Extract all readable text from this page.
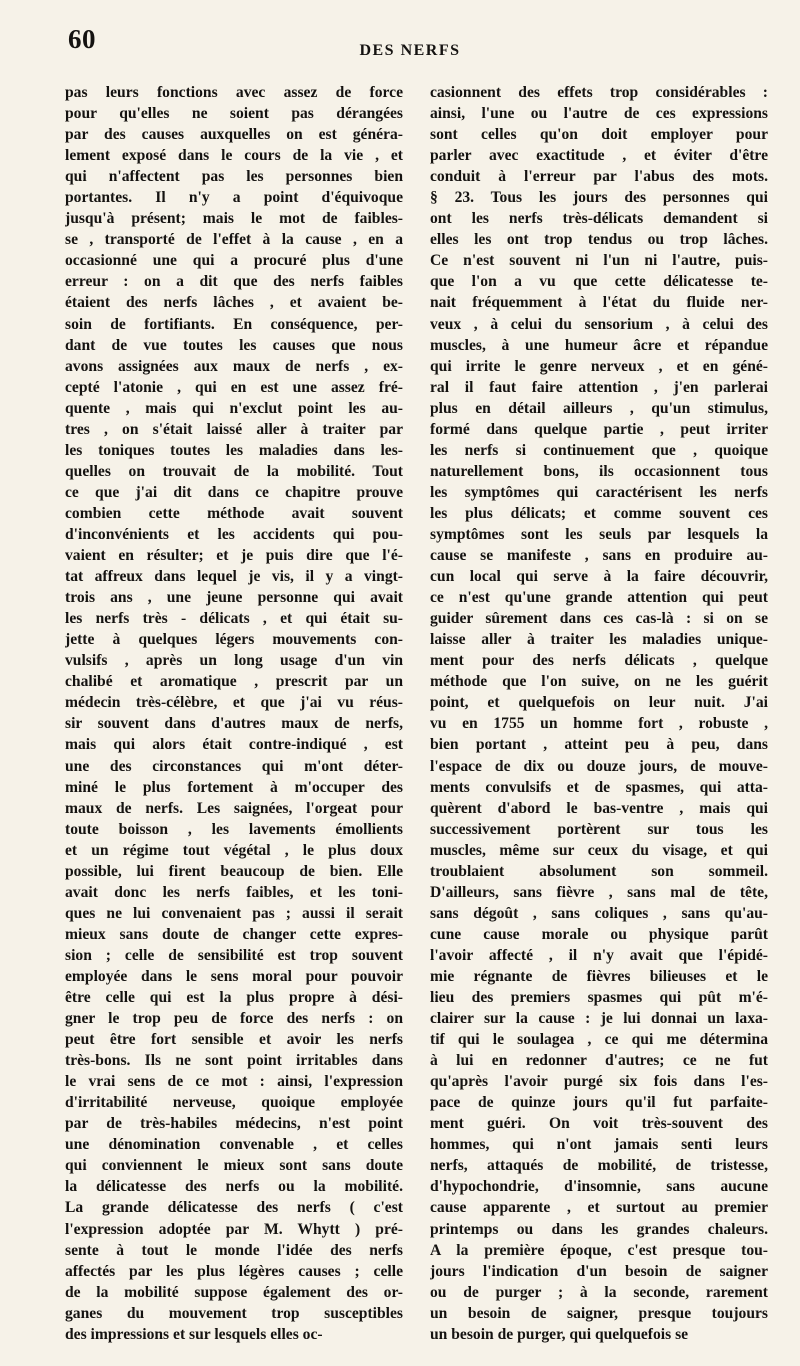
60	DES NERFS
pas leurs fonctions avec assez de force
pour qu'elles ne soient pas dérangées
par des causes auxquelles on est généra-
lement exposé dans le cours de la vie , et
qui n'affectent pas les personnes bien
portantes. Il n'y a point d'équivoque
jusqu'à présent; mais le mot de faibles-
se , transporté de l'effet à la cause , en a
occasionné une qui a procuré plus d'une
erreur : on a dit que des nerfs faibles
étaient des nerfs lâches , et avaient be-
soin de fortifiants. En conséquence, per-
dant de vue toutes les causes que nous
avons assignées aux maux de nerfs , ex-
cepté l'atonie , qui en est une assez fré-
quente , mais qui n'exclut point les au-
tres , on s'était laissé aller à traiter par
les toniques toutes les maladies dans les-
quelles on trouvait de la mobilité. Tout
ce que j'ai dit dans ce chapitre prouve
combien cette méthode avait souvent
d'inconvénients et les accidents qui pou-
vaient en résulter; et je puis dire que l'é-
tat affreux dans lequel je vis, il y a vingt-
trois ans , une jeune personne qui avait
les nerfs très - délicats , et qui était su-
jette à quelques légers mouvements con-
vulsifs , après un long usage d'un vin
chalibé et aromatique , prescrit par un
médecin très-célèbre, et que j'ai vu réus-
sir souvent dans d'autres maux de nerfs,
mais qui alors était contre-indiqué , est
une des circonstances qui m'ont déter-
miné le plus fortement à m'occuper des
maux de nerfs. Les saignées, l'orgeat pour
toute boisson , les lavements émollients
et un régime tout végétal , le plus doux
possible, lui firent beaucoup de bien. Elle
avait donc les nerfs faibles, et les toni-
ques ne lui convenaient pas ; aussi il serait
mieux sans doute de changer cette expres-
sion ; celle de sensibilité est trop souvent
employée dans le sens moral pour pouvoir
être celle qui est la plus propre à dési-
gner le trop peu de force des nerfs : on
peut être fort sensible et avoir les nerfs
très-bons. Ils ne sont point irritables dans
le vrai sens de ce mot : ainsi, l'expression
d'irritabilité nerveuse, quoique employée
par de très-habiles médecins, n'est point
une dénomination convenable , et celles
qui conviennent le mieux sont sans doute
la délicatesse des nerfs ou la mobilité.
La grande délicatesse des nerfs ( c'est
l'expression adoptée par M. Whytt ) pré-
sente à tout le monde l'idée des nerfs
affectés par les plus légères causes ; celle
de la mobilité suppose également des or-
ganes du mouvement trop susceptibles
des impressions et sur lesquels elles oc-
casionnent des effets trop considérables :
ainsi, l'une ou l'autre de ces expressions
sont celles qu'on doit employer pour
parler avec exactitude , et éviter d'être
conduit à l'erreur par l'abus des mots.
§ 23. Tous les jours des personnes qui
ont les nerfs très-délicats demandent si
elles les ont trop tendus ou trop lâches.
Ce n'est souvent ni l'un ni l'autre, puis-
que l'on a vu que cette délicatesse te-
nait fréquemment à l'état du fluide ner-
veux , à celui du sensorium , à celui des
muscles, à une humeur âcre et répandue
qui irrite le genre nerveux , et en géné-
ral il faut faire attention , j'en parlerai
plus en détail ailleurs , qu'un stimulus,
formé dans quelque partie , peut irriter
les nerfs si continuement que , quoique
naturellement bons, ils occasionnent tous
les symptômes qui caractérisent les nerfs
les plus délicats; et comme souvent ces
symptômes sont les seuls par lesquels la
cause se manifeste , sans en produire au-
cun local qui serve à la faire découvrir,
ce n'est qu'une grande attention qui peut
guider sûrement dans ces cas-là : si on se
laisse aller à traiter les maladies unique-
ment pour des nerfs délicats , quelque
méthode que l'on suive, on ne les guérit
point, et quelquefois on leur nuit. J'ai
vu en 1755 un homme fort , robuste ,
bien portant , atteint peu à peu, dans
l'espace de dix ou douze jours, de mouve-
ments convulsifs et de spasmes, qui atta-
quèrent d'abord le bas-ventre , mais qui
successivement portèrent sur tous les
muscles, même sur ceux du visage, et qui
troublaient absolument son sommeil.
D'ailleurs, sans fièvre , sans mal de tête,
sans dégoût , sans coliques , sans qu'au-
cune cause morale ou physique parût
l'avoir affecté , il n'y avait que l'épidé-
mie régnante de fièvres bilieuses et le
lieu des premiers spasmes qui pût m'é-
clairer sur la cause : je lui donnai un laxa-
tif qui le soulagea , ce qui me détermina
à lui en redonner d'autres; ce ne fut
qu'après l'avoir purgé six fois dans l'es-
pace de quinze jours qu'il fut parfaite-
ment guéri. On voit très-souvent des
hommes, qui n'ont jamais senti leurs
nerfs, attaqués de mobilité, de tristesse,
d'hypochondrie, d'insomnie, sans aucune
cause apparente , et surtout au premier
printemps ou dans les grandes chaleurs.
A la première époque, c'est presque tou-
jours l'indication d'un besoin de saigner
ou de purger ; à la seconde, rarement
un besoin de saigner, presque toujours
un besoin de purger, qui quelquefois se
